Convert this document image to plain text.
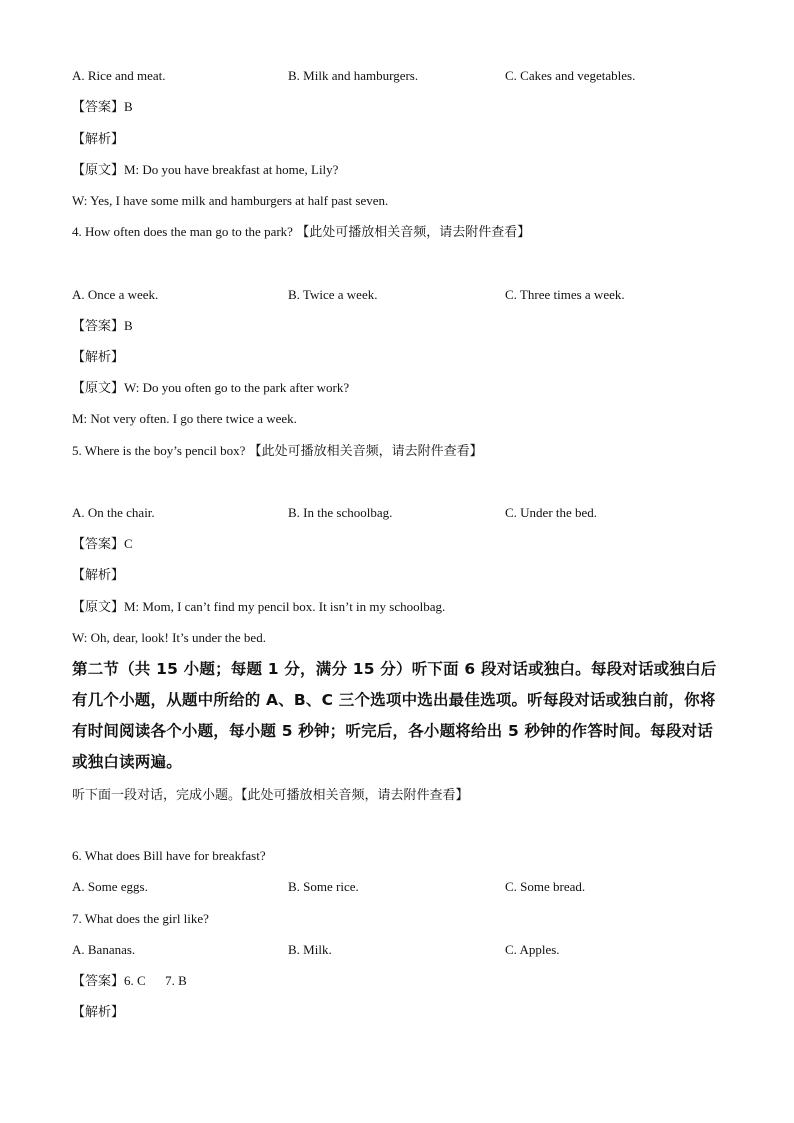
A. Rice and meat.	B. Milk and hamburgers.	C. Cakes and vegetables.
【答案】B
【解析】
【原文】M: Do you have breakfast at home, Lily?
W: Yes, I have some milk and hamburgers at half past seven.
4. How often does the man go to the park? 【此处可播放相关音频，请去附件查看】
A. Once a week.	B. Twice a week.	C. Three times a week.
【答案】B
【解析】
【原文】W: Do you often go to the park after work?
M: Not very often. I go there twice a week.
5. Where is the boy’s pencil box? 【此处可播放相关音频，请去附件查看】
A. On the chair.	B. In the schoolbag.	C. Under the bed.
【答案】C
【解析】
【原文】M: Mom, I can’t find my pencil box. It isn’t in my schoolbag.
W: Oh, dear, look! It’s under the bed.
第二节（共 15 小题；每题 1 分，满分 15 分）听下面 6 段对话或独白。每段对话或独白后有几个小题，从题中所给的 A、B、C 三个选项中选出最佳选项。听每段对话或独白前，你将有时间阅读各个小题，每小题 5 秒钟；听完后，各小题将给出 5 秒钟的作答时间。每段对话或独白读两遍。
听下面一段对话，完成小题。【此处可播放相关音频，请去附件查看】
6. What does Bill have for breakfast?
A. Some eggs.	B. Some rice.	C. Some bread.
7. What does the girl like?
A. Bananas.	B. Milk.	C. Apples.
【答案】6. C      7. B
【解析】
